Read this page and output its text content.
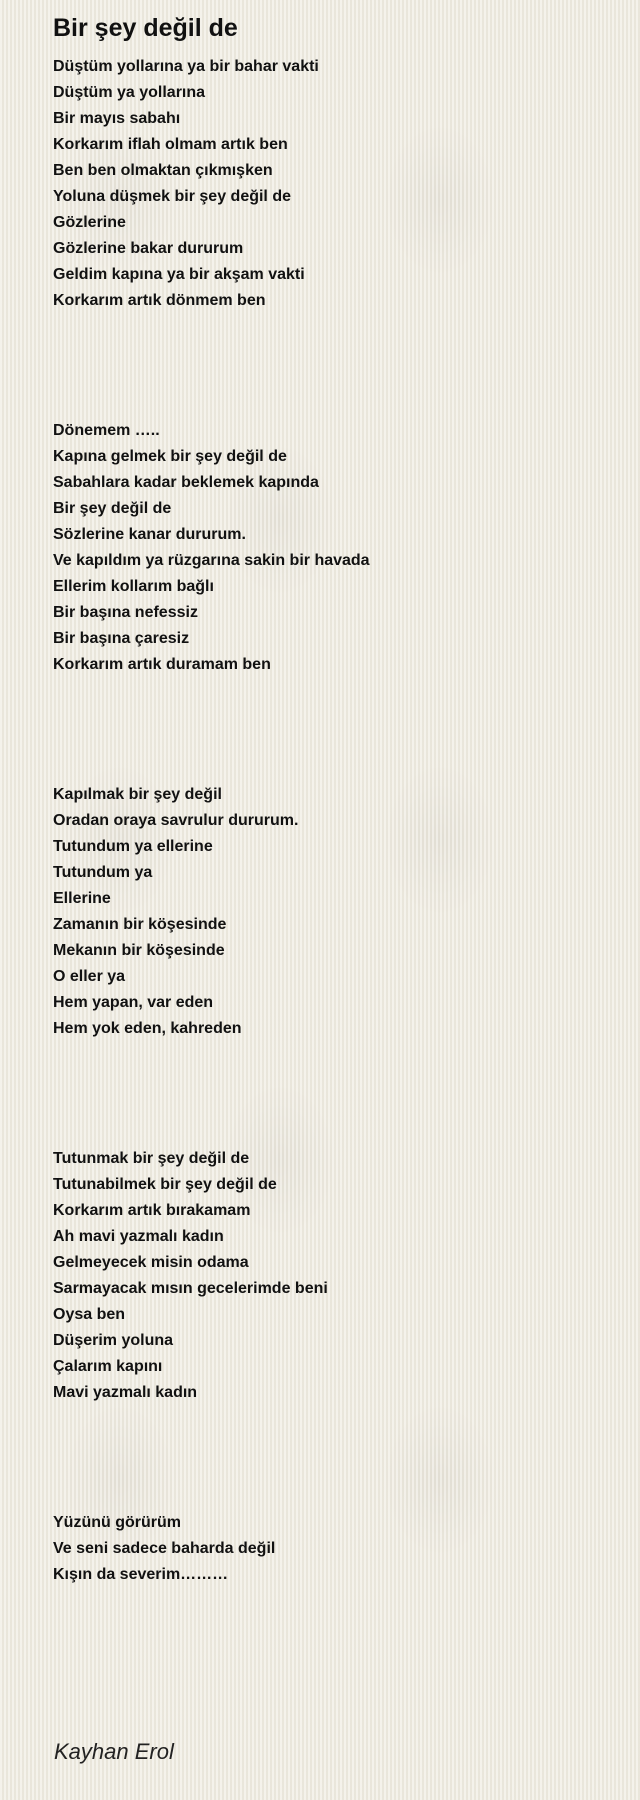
Bir şey değil de
Düştüm yollarına ya bir bahar vakti
Düştüm ya yollarına
Bir mayıs sabahı
Korkarım iflah olmam artık ben
Ben ben olmaktan çıkmışken
Yoluna düşmek bir şey değil de
Gözlerine
Gözlerine bakar dururum
Geldim kapına ya bir akşam vakti
Korkarım artık dönmem ben
Dönemem …..
Kapına gelmek bir şey değil de
Sabahlara kadar beklemek kapında
Bir şey değil de
Sözlerine kanar dururum.
Ve kapıldım ya rüzgarına sakin bir havada
Ellerim kollarım bağlı
Bir başına nefessiz
Bir başına çaresiz
Korkarım artık duramam ben
Kapılmak bir şey değil
Oradan oraya savrulur dururum.
Tutundum ya ellerine
Tutundum ya
Ellerine
Zamanın bir köşesinde
Mekanın bir köşesinde
O eller ya
Hem yapan, var eden
Hem yok eden, kahreden
Tutunmak bir şey değil de
Tutunabilmek bir şey değil de
Korkarım artık bırakamam
Ah mavi yazmalı kadın
Gelmeyecek misin odama
Sarmayacak mısın gecelerimde beni
Oysa ben
Düşerim yoluna
Çalarım kapını
Mavi yazmalı kadın
Yüzünü görürüm
Ve seni sadece baharda değil
Kışın da severim………
Kayhan Erol
